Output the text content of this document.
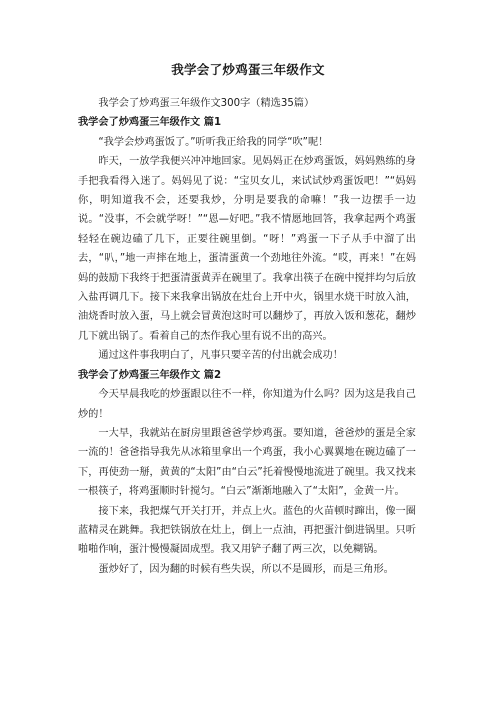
我学会了炒鸡蛋三年级作文

我学会了炒鸡蛋三年级作文300字（精选35篇）

我学会了炒鸡蛋三年级作文 篇1

“我学会炒鸡蛋饭了。”听听我正给我的同学“吹”呢！

昨天，一放学我便兴冲冲地回家。见妈妈正在炒鸡蛋饭，妈妈熟练的身手把我看得入迷了。妈妈见了说：“宝贝女儿，来试试炒鸡蛋饭吧！”“妈妈你，明知道我不会，还要我炒，分明是要我的命嘛！”我一边摆手一边说。“没事，不会就学呀！”“恩—好吧。”我不情愿地回答，我拿起两个鸡蛋轻轻在碗边磕了几下，正要往碗里倒。“呀！”鸡蛋一下子从手中溜了出去，“叭，”地一声摔在地上，蛋清蛋黄一个劲地往外流。“哎，再来！”在妈妈的鼓励下我终于把蛋清蛋黄弄在碗里了。我拿出筷子在碗中搅拌均匀后放入盐再调几下。接下来我拿出锅放在灶台上开中火，锅里水烧干时放入油，油烧香时放入蛋，马上就会冒黄泡这时可以翻炒了，再放入饭和葱花，翻炒几下就出锅了。看着自己的杰作我心里有说不出的高兴。

通过这件事我明白了，凡事只要辛苦的付出就会成功！

我学会了炒鸡蛋三年级作文 篇2

今天早晨我吃的炒蛋跟以往不一样，你知道为什么吗？因为这是我自己炒的！

一大早，我就站在厨房里跟爸爸学炒鸡蛋。要知道，爸爸炒的蛋是全家一流的！爸爸指导我先从冰箱里拿出一个鸡蛋，我小心翼翼地在碗边磕了一下，再使劲一掰，黄黄的“太阳”由“白云”托着慢慢地流进了碗里。我又找来一根筷子，将鸡蛋顺时针搅匀。“白云”渐渐地融入了“太阳”，金黄一片。

接下来，我把煤气开关打开，并点上火。蓝色的火苗顿时蹿出，像一圈蓝精灵在跳舞。我把铁锅放在灶上，倒上一点油，再把蛋汁倒进锅里。只听啪啪作响，蛋汁慢慢凝固成型。我又用铲子翻了两三次，以免糊锅。

蛋炒好了，因为翻的时候有些失误，所以不是圆形，而是三角形。
